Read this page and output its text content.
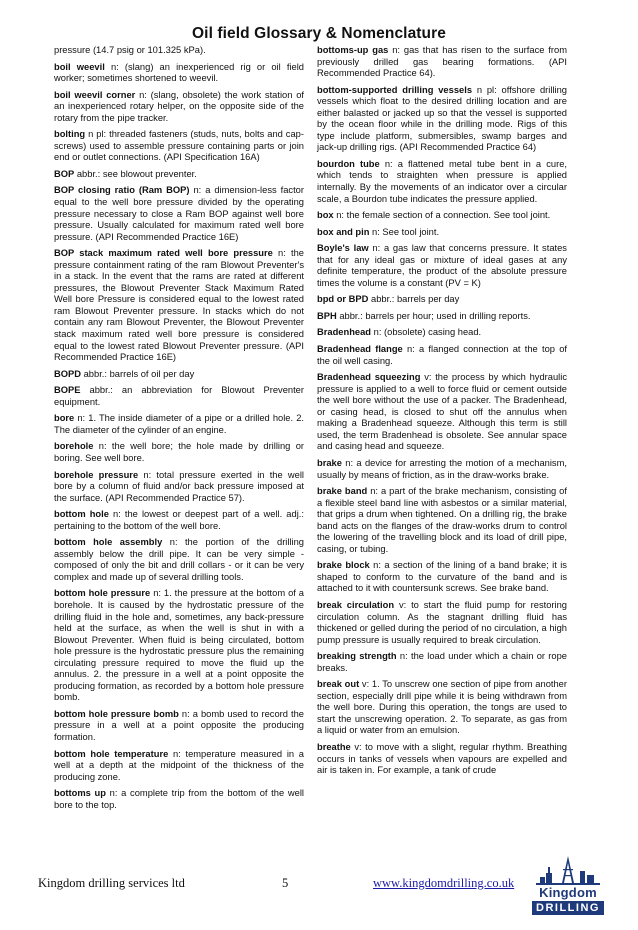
Oil field Glossary & Nomenclature

pressure (14.7 psig or 101.325 kPa).

boil weevil n: (slang) an inexperienced rig or oil field worker; sometimes shortened to weevil.

boil weevil corner n: (slang, obsolete) the work station of an inexperienced rotary helper, on the opposite side of the rotary from the pipe tracker.

bolting n pl: threaded fasteners (studs, nuts, bolts and cap-screws) used to assemble pressure containing parts or join end or outlet connections. (API Specification 16A)

BOP abbr.: see blowout preventer.

BOP closing ratio (Ram BOP) n: a dimension-less factor equal to the well bore pressure divided by the operating pressure necessary to close a Ram BOP against well bore pressure. Usually calculated for maximum rated well bore pressure. (API Recommended Practice 16E)

BOP stack maximum rated well bore pressure n: the pressure containment rating of the ram Blowout Preventer's in a stack. In the event that the rams are rated at different pressures, the Blowout Preventer Stack Maximum Rated Well bore Pressure is considered equal to the lowest rated ram Blowout Preventer pressure. In stacks which do not contain any ram Blowout Preventer, the Blowout Preventer stack maximum rated well bore pressure is considered equal to the lowest rated Blowout Preventer pressure. (API Recommended Practice 16E)

BOPD abbr.: barrels of oil per day

BOPE abbr.: an abbreviation for Blowout Preventer equipment.

bore n: 1. The inside diameter of a pipe or a drilled hole. 2. The diameter of the cylinder of an engine.

borehole n: the well bore; the hole made by drilling or boring. See well bore.

borehole pressure n: total pressure exerted in the well bore by a column of fluid and/or back pressure imposed at the surface. (API Recommended Practice 57).

bottom hole n: the lowest or deepest part of a well. adj.: pertaining to the bottom of the well bore.

bottom hole assembly n: the portion of the drilling assembly below the drill pipe. It can be very simple - composed of only the bit and drill collars - or it can be very complex and made up of several drilling tools.

bottom hole pressure n: 1. the pressure at the bottom of a borehole. It is caused by the hydrostatic pressure of the drilling fluid in the hole and, sometimes, any back-pressure held at the surface, as when the well is shut in with a Blowout Preventer. When fluid is being circulated, bottom hole pressure is the hydrostatic pressure plus the remaining circulating pressure required to move the fluid up the annulus. 2. the pressure in a well at a point opposite the producing formation, as recorded by a bottom hole pressure bomb.

bottom hole pressure bomb n: a bomb used to record the pressure in a well at a point opposite the producing formation.

bottom hole temperature n: temperature measured in a well at a depth at the midpoint of the thickness of the producing zone.

bottoms up n: a complete trip from the bottom of the well bore to the top.

bottoms-up gas n: gas that has risen to the surface from previously drilled gas bearing formations. (API Recommended Practice 64).

bottom-supported drilling vessels n pl: offshore drilling vessels which float to the desired drilling location and are either balasted or jacked up so that the vessel is supported by the ocean floor while in the drilling mode. Rigs of this type include platform, submersibles, swamp barges and jack-up drilling rigs. (API Recommended Practice 64)

bourdon tube n: a flattened metal tube bent in a cure, which tends to straighten when pressure is applied internally. By the movements of an indicator over a circular scale, a Bourdon tube indicates the pressure applied.

box n: the female section of a connection. See tool joint.

box and pin n: See tool joint.

Boyle's law n: a gas law that concerns pressure. It states that for any ideal gas or mixture of ideal gases at any definite temperature, the product of the absolute pressure times the volume is a constant (PV = K)

bpd or BPD abbr.: barrels per day

BPH abbr.: barrels per hour; used in drilling reports.

Bradenhead n: (obsolete) casing head.

Bradenhead flange n: a flanged connection at the top of the oil well casing.

Bradenhead squeezing v: the process by which hydraulic pressure is applied to a well to force fluid or cement outside the well bore without the use of a packer. The Bradenhead, or casing head, is closed to shut off the annulus when making a Bradenhead squeeze. Although this term is still used, the term Bradenhead is obsolete. See annular space and casing head and squeeze.

brake n: a device for arresting the motion of a mechanism, usually by means of friction, as in the draw-works brake.

brake band n: a part of the brake mechanism, consisting of a flexible steel band line with asbestos or a similar material, that grips a drum when tightened. On a drilling rig, the brake band acts on the flanges of the draw-works drum to control the lowering of the travelling block and its load of drill pipe, casing, or tubing.

brake block n: a section of the lining of a band brake; it is shaped to conform to the curvature of the band and is attached to it with countersunk screws. See brake band.

break circulation v: to start the fluid pump for restoring circulation column. As the stagnant drilling fluid has thickened or gelled during the period of no circulation, a high pump pressure is usually required to break circulation.

breaking strength n: the load under which a chain or rope breaks.

break out v: 1. To unscrew one section of pipe from another section, especially drill pipe while it is being withdrawn from the well bore. During this operation, the tongs are used to start the unscrewing operation. 2. To separate, as gas from a liquid or water from an emulsion.

breathe v: to move with a slight, regular rhythm. Breathing occurs in tanks of vessels when vapours are expelled and air is taken in. For example, a tank of crude

Kingdom drilling services ltd	5	www.kingdomdrilling.co.uk
Kingdom
DRILLING
